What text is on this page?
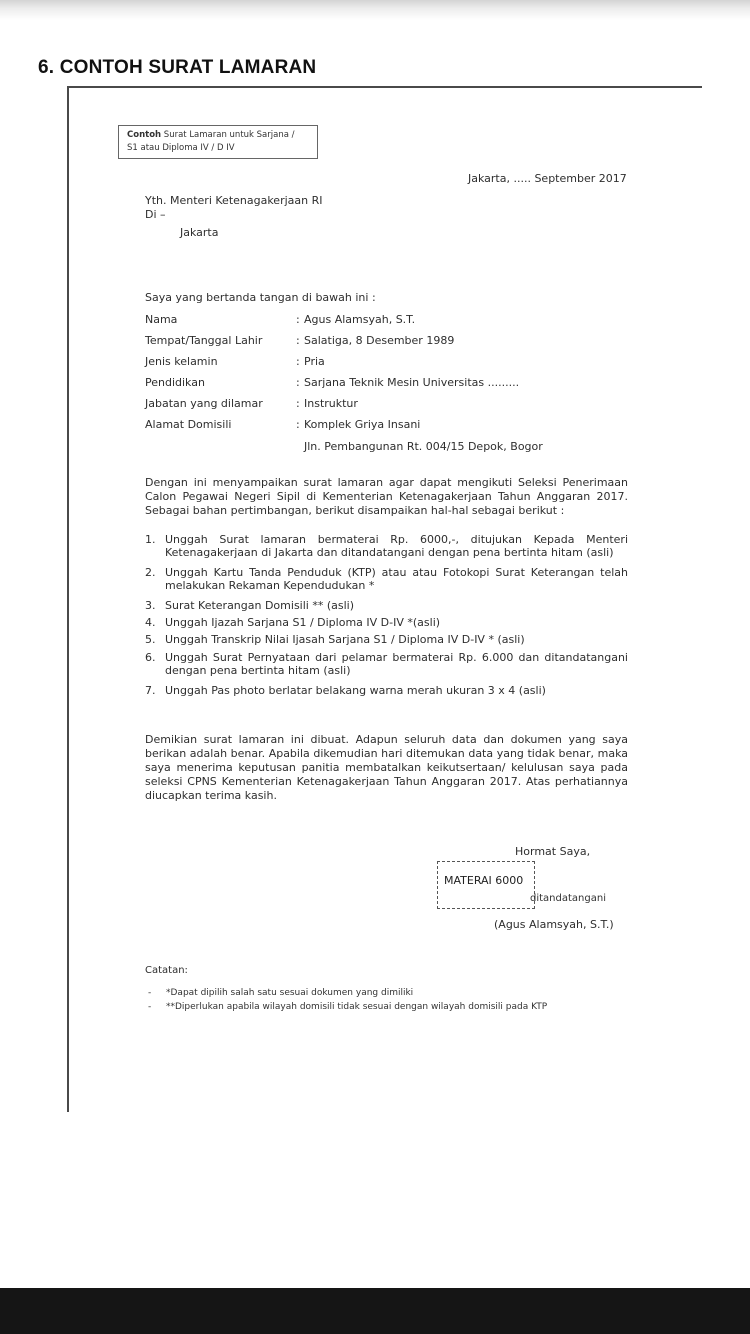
6. CONTOH SURAT LAMARAN
Contoh Surat Lamaran untuk Sarjana /
S1 atau Diploma IV / D IV
Jakarta, ..... September 2017
Yth. Menteri Ketenagakerjaan RI
Di –
Jakarta
Saya yang bertanda tangan di bawah ini :
Nama	: Agus Alamsyah, S.T.
Tempat/Tanggal Lahir	: Salatiga, 8 Desember 1989
Jenis kelamin	: Pria
Pendidikan	: Sarjana Teknik Mesin Universitas .........
Jabatan yang dilamar	: Instruktur
Alamat Domisili	: Komplek Griya Insani
Jln. Pembangunan Rt. 004/15 Depok, Bogor
Dengan ini menyampaikan surat lamaran agar dapat mengikuti Seleksi Penerimaan Calon Pegawai Negeri Sipil di Kementerian Ketenagakerjaan Tahun Anggaran 2017. Sebagai bahan pertimbangan, berikut disampaikan hal-hal sebagai berikut :
1. Unggah Surat lamaran bermaterai Rp. 6000,-, ditujukan Kepada Menteri Ketenagakerjaan di Jakarta dan ditandatangani dengan pena bertinta hitam (asli)
2. Unggah Kartu Tanda Penduduk (KTP) atau atau Fotokopi Surat Keterangan telah melakukan Rekaman Kependudukan *
3. Surat Keterangan Domisili ** (asli)
4. Unggah Ijazah Sarjana S1 / Diploma IV D-IV *(asli)
5. Unggah Transkrip Nilai Ijasah Sarjana S1 / Diploma IV D-IV * (asli)
6. Unggah Surat Pernyataan dari pelamar bermaterai Rp. 6.000 dan ditandatangani dengan pena bertinta hitam (asli)
7. Unggah Pas photo berlatar belakang warna merah ukuran 3 x 4 (asli)
Demikian surat lamaran ini dibuat. Adapun seluruh data dan dokumen yang saya berikan adalah benar. Apabila dikemudian hari ditemukan data yang tidak benar, maka saya menerima keputusan panitia membatalkan keikutsertaan/ kelulusan saya pada seleksi CPNS Kementerian Ketenagakerjaan Tahun Anggaran 2017. Atas perhatiannya diucapkan terima kasih.
Hormat Saya,
MATERAI 6000
ditandatangani
(Agus Alamsyah, S.T.)
Catatan:
- *Dapat dipilih salah satu sesuai dokumen yang dimiliki
- **Diperlukan apabila wilayah domisili tidak sesuai dengan wilayah domisili pada KTP
